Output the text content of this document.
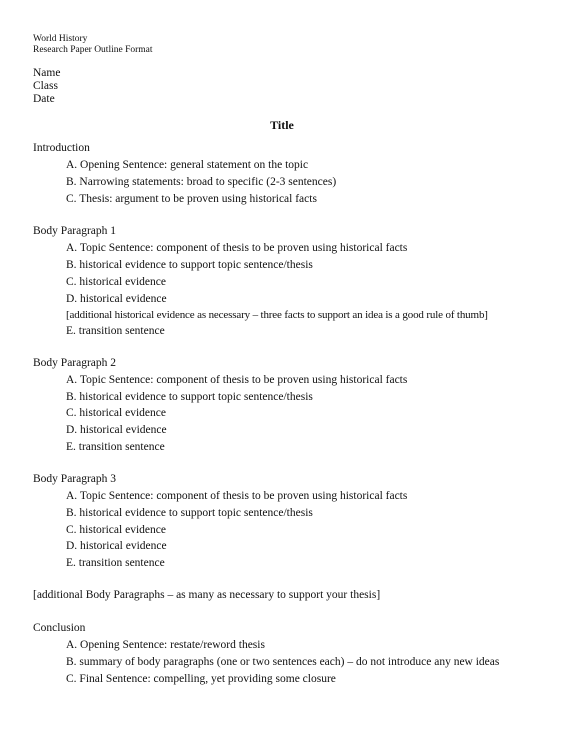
World History
Research Paper Outline Format
Name
Class
Date
Title
Introduction
A. Opening Sentence: general statement on the topic
B. Narrowing statements: broad to specific (2-3 sentences)
C. Thesis: argument to be proven using historical facts
Body Paragraph 1
A. Topic Sentence: component of thesis to be proven using historical facts
B. historical evidence to support topic sentence/thesis
C. historical evidence
D. historical evidence
[additional historical evidence as necessary – three facts to support an idea is a good rule of thumb]
E. transition sentence
Body Paragraph 2
A. Topic Sentence: component of thesis to be proven using historical facts
B. historical evidence to support topic sentence/thesis
C. historical evidence
D. historical evidence
E. transition sentence
Body Paragraph 3
A. Topic Sentence: component of thesis to be proven using historical facts
B. historical evidence to support topic sentence/thesis
C. historical evidence
D. historical evidence
E. transition sentence
[additional Body Paragraphs – as many as necessary to support your thesis]
Conclusion
A. Opening Sentence: restate/reword thesis
B. summary of body paragraphs (one or two sentences each) – do not introduce any new ideas
C. Final Sentence: compelling, yet providing some closure
